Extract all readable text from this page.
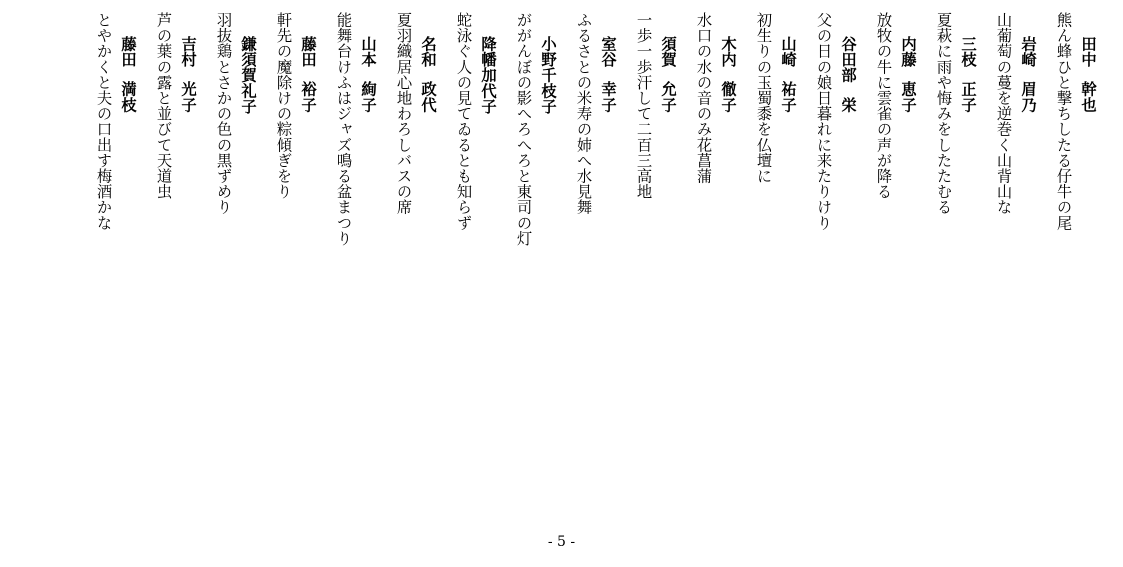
田中幹也
熊ん蜂ひと撃ちしたる仔牛の尾
岩崎眉乃
山葡萄の蔓を逆巻く山背山な
三枝正子
夏萩に雨や悔みをしたたむる
内藤恵子
放牧の牛に雲雀の声が降る
谷田部栄
父の日の娘日暮れに来たりけり
山崎祐子
初生りの玉蜀黍を仏壇に
木内徹子
水口の水の音のみ花菖蒲
須賀允子
一歩一歩汗して二百三高地
室谷幸子
ふるさとの米寿の姉へ水見舞
小野千枝子
ががんぼの影へろへろと東司の灯
降幡加代子
蛇泳ぐ人の見てゐるとも知らず
名和政代
夏羽織居心地わろしバスの席
山本絢子
能舞台けふはジャズ鳴る盆まつり
藤田裕子
軒先の魔除けの粽傾ぎをり
鎌須賀礼子
羽抜鶏とさかの色の黒ずめり
吉村光子
芦の葉の露と並びて天道虫
藤田満枝
とやかくと夫の口出す梅酒かな
- 5 -
